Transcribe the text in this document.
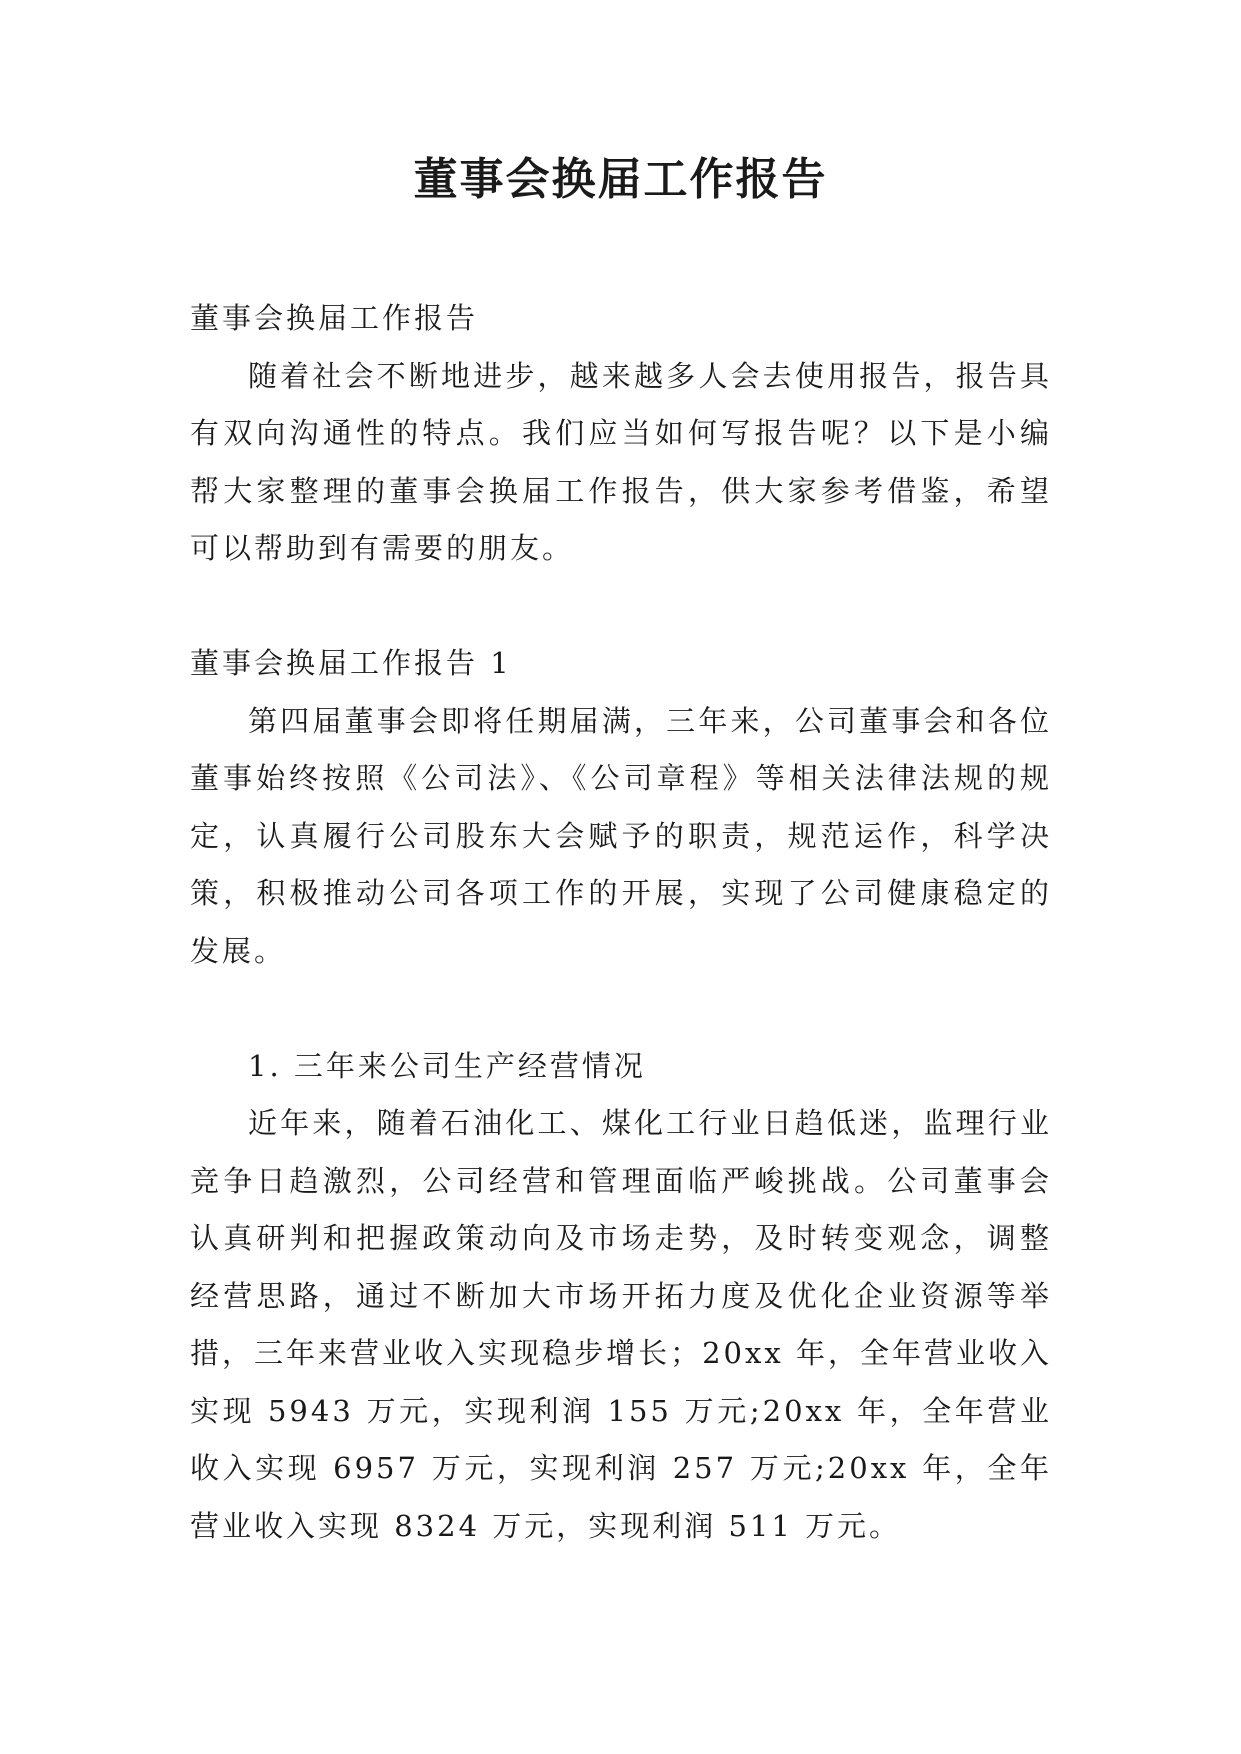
董事会换届工作报告

董事会换届工作报告

随着社会不断地进步，越来越多人会去使用报告，报告具有双向沟通性的特点。我们应当如何写报告呢？以下是小编帮大家整理的董事会换届工作报告，供大家参考借鉴，希望可以帮助到有需要的朋友。

董事会换届工作报告 1

第四届董事会即将任期届满，三年来，公司董事会和各位董事始终按照《公司法》、《公司章程》等相关法律法规的规定，认真履行公司股东大会赋予的职责，规范运作，科学决策，积极推动公司各项工作的开展，实现了公司健康稳定的发展。

1. 三年来公司生产经营情况

近年来，随着石油化工、煤化工行业日趋低迷，监理行业竞争日趋激烈，公司经营和管理面临严峻挑战。公司董事会认真研判和把握政策动向及市场走势，及时转变观念，调整经营思路，通过不断加大市场开拓力度及优化企业资源等举措，三年来营业收入实现稳步增长；20xx 年，全年营业收入实现 5943 万元，实现利润 155 万元;20xx 年，全年营业收入实现 6957 万元，实现利润 257 万元;20xx 年，全年营业收入实现 8324 万元，实现利润 511 万元。
